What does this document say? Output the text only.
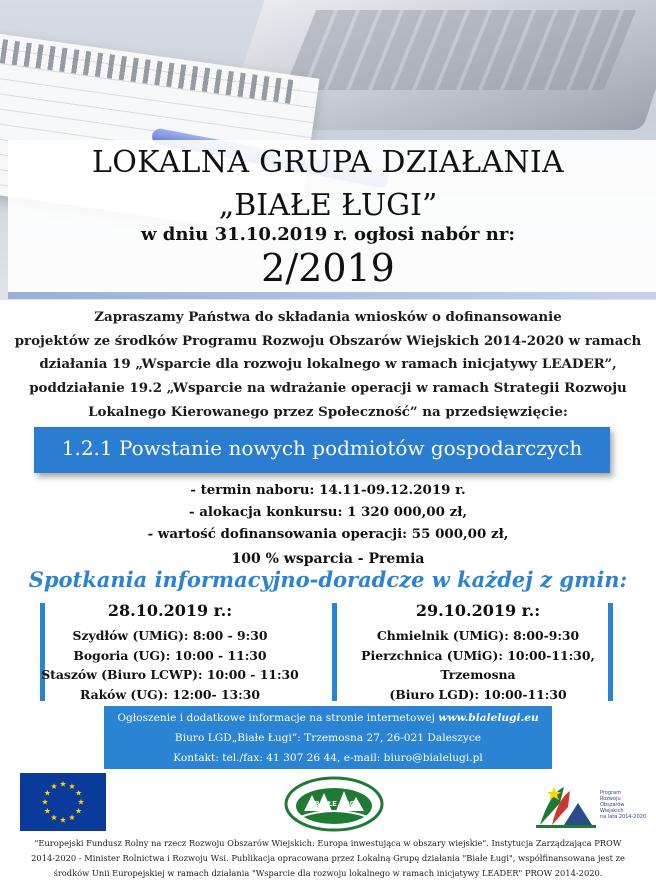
LOKALNA GRUPA DZIAŁANIA
„BIAŁE ŁUGI”
w dniu 31.10.2019 r. ogłosi nabór nr:
2/2019
Zapraszamy Państwa do składania wniosków o dofinansowanie
projektów ze środków Programu Rozwoju Obszarów Wiejskich 2014-2020 w ramach
działania 19 „Wsparcie dla rozwoju lokalnego w ramach inicjatywy LEADER”,
poddziałanie 19.2 „Wsparcie na wdrażanie operacji w ramach Strategii Rozwoju
Lokalnego Kierowanego przez Społeczność” na przedsięwzięcie:
1.2.1 Powstanie nowych podmiotów gospodarczych
- termin naboru: 14.11-09.12.2019 r.
- alokacja konkursu: 1 320 000,00 zł,
- wartość dofinansowania operacji: 55 000,00 zł,
100 % wsparcia - Premia
Spotkania informacyjno-doradcze w każdej z gmin:
28.10.2019 r.:
Szydłów (UMiG): 8:00 - 9:30
Bogoria (UG): 10:00 - 11:30
Staszów (Biuro LCWP): 10:00 - 11:30
Raków (UG): 12:00- 13:30
29.10.2019 r.:
Chmielnik (UMiG): 8:00-9:30
Pierzchnica (UMiG): 10:00-11:30,
Trzemosna
(Biuro LGD): 10:00-11:30
Ogłoszenie i dodatkowe informacje na stronie internetowej www.bialelugi.eu
Biuro LGD„Białe Ługi”: Trzemosna 27, 26-021 Daleszyce
Kontakt: tel./fax: 41 307 26 44, e-mail: biuro@bialelugi.pl
BIAŁE ŁUGI
Program
Rozwoju
Obszarów
Wiejskich
na lata 2014-2020
"Europejski Fundusz Rolny na rzecz Rozwoju Obszarów Wiejskich: Europa inwestująca w obszary wiejskie". Instytucja Zarządzająca PROW
2014-2020 - Minister Rolnictwa i Rozwoju Wsi. Publikacja opracowana przez Lokalną Grupę działania "Białe Ługi", współfinansowana jest ze
środków Unii Europejskiej w ramach działania "Wsparcie dla rozwoju lokalnego w ramach inicjatywy LEADER" PROW 2014-2020.
